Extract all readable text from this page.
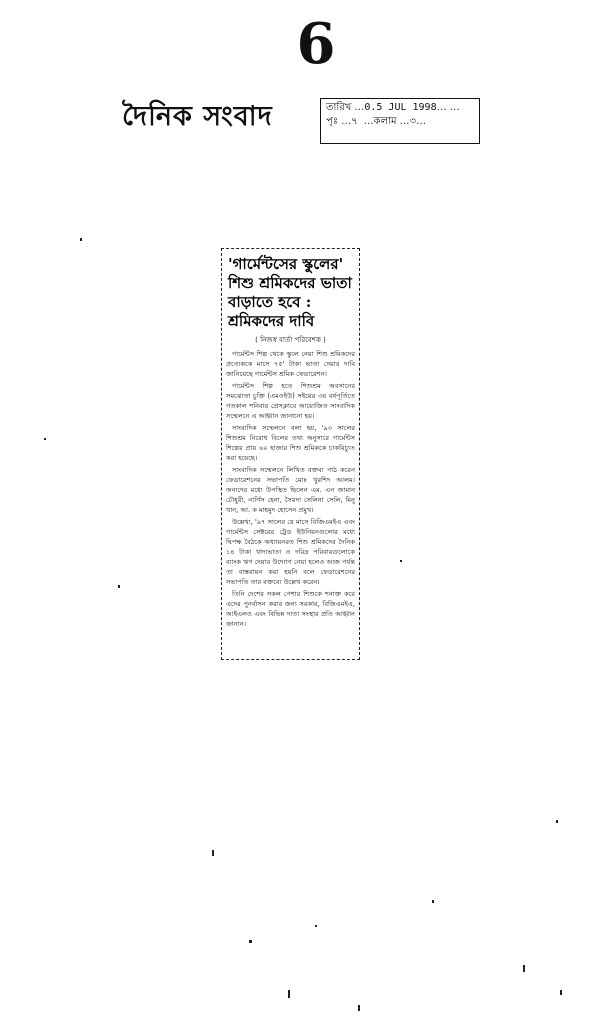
6
দৈনিক সংবাদ	তারিখ … 0.5 JUL 1998 … …
পৃঃ … ৭ … কলাম … ৩ …
'গার্মেন্টসের স্কুলের' শিশু শ্রমিকদের ভাতা বাড়াতে হবে : শ্রমিকদের দাবি
( নিজস্ব বার্তা পরিবেশক )

গার্মেন্টস শিল্প থেকে স্কুলে নেয়া শিশু শ্রমিকদের প্রত্যেককে মাসে ৭৫' টাকা ভাতা দেয়ার দাবি জানিয়েছে গার্মেন্টস শ্রমিক ফেডারেশন।

গার্মেন্টস শিল্প হতে শিশুশ্রম অবসানের সমঝোতা চুক্তি (এমওইউ) সইয়ের ৩য় বর্ষপূর্তিতে গতকাল শনিবার প্রেসক্লাবে আয়োজিত সাংবাদিক সম্মেলনে এ আহ্বান জানানো হয়।

সাংবাদিক সম্মেলনে বলা হয়, '৯৩ সালের শিশুশ্রম নিরোধ বিলের তথ্য অনুসারে গার্মেন্টস শিল্পের প্রায় ৬০ হাজার শিশু শ্রমিককে চাকরিচ্যুত করা হয়েছে।

সাংবাদিক সম্মেলনে লিখিত বক্তব্য পাঠ করেন ফেডারেশনের সভাপতি মোঃ খুরশিদ আলম। অন্যদের মধ্যে উপস্থিত ছিলেন এম. এন জামান চৌধুরী, নার্গিস হেনা, সৈয়দা সেলিনা সেলি, মিনু খান, আ. ক মাহমুদ হোসেন প্রমুখ।

উল্লেখ্য, '৯৭ সালের যে মাসে বিজিএমইএ এবং গার্মেন্টস সেক্টরের ট্রেড ইউনিয়নগুলোর মধ্যে দ্বিপক্ষ বৈঠকে অধ্যায়নরত শিশু শ্রমিকদের দৈনিক ১৪ টাকা খাদ্যভাতা ও দরিদ্র পরিবারগুলোকে ব্যাংক ঋণ দেয়ার উদ্যোগ নেয়া হলেও আজ পর্যন্ত তা বাস্তবায়ন করা হয়নি বলে ফেডারেশনের সভাপতি তার বক্তব্যে উল্লেখ করেন।

তিনি দেশের সকল পেশার শিশুকে শনাক্ত করে এদের পুনর্বাসন করার জন্য সরকার, বিজিএমইএ, আইএলও এবং বিভিন্ন দাতা সংস্থার প্রতি আহ্বান জানান।
